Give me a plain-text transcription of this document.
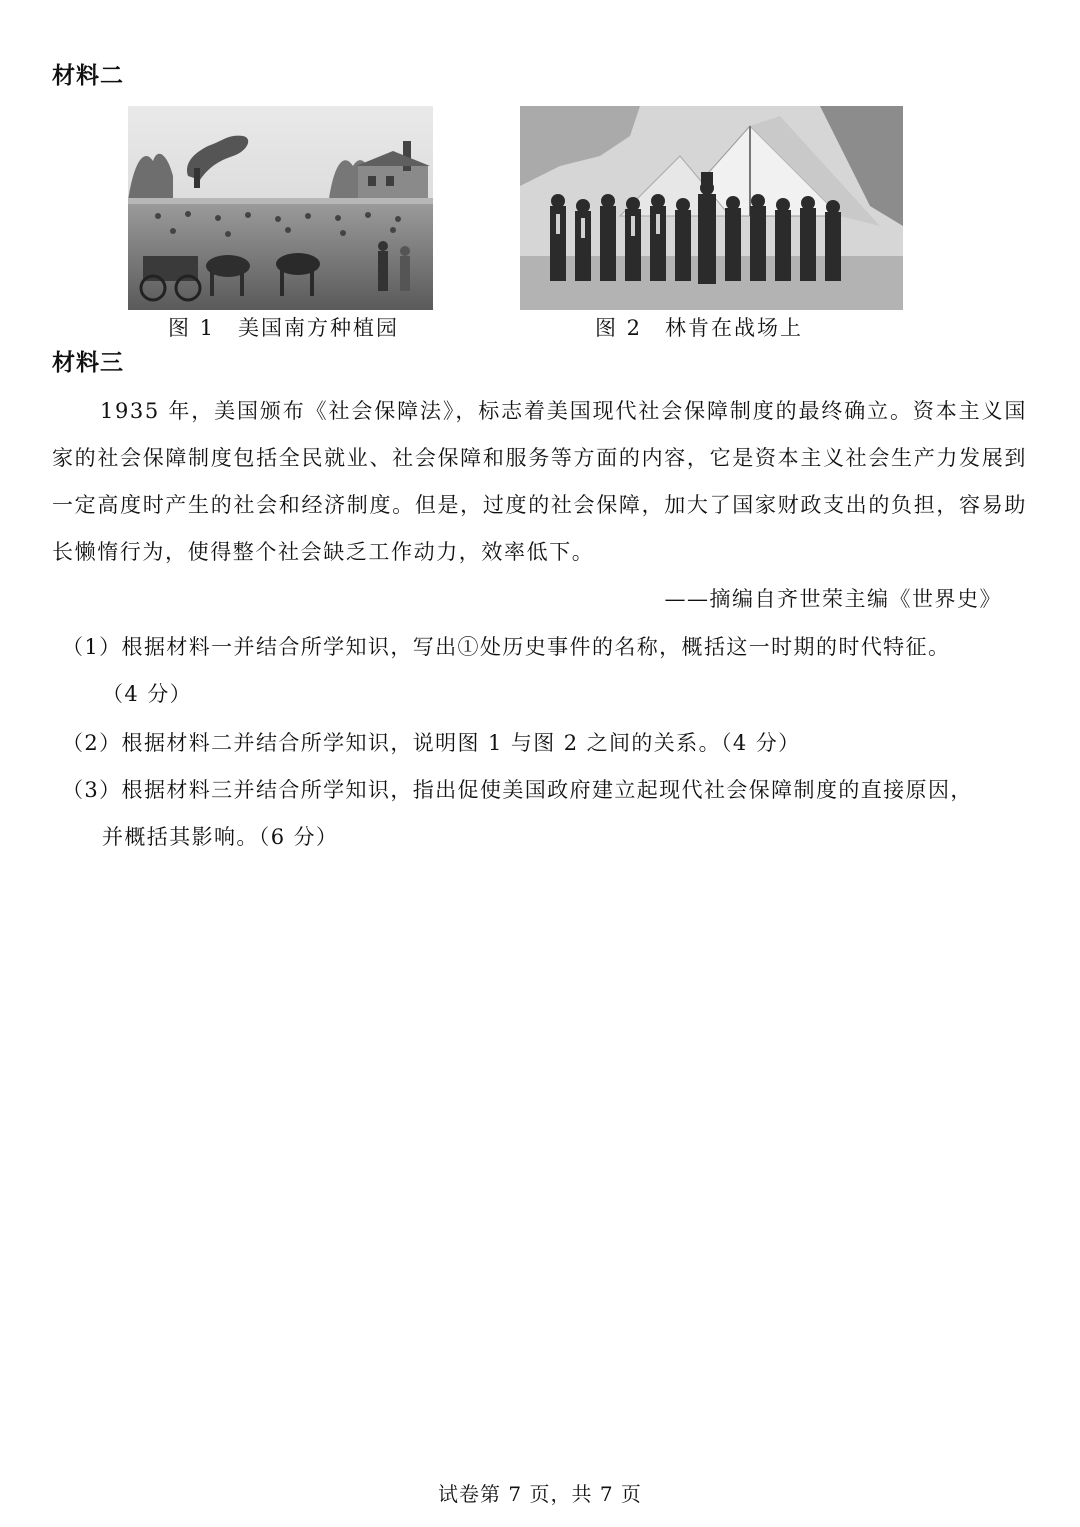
材料二
图 1　美国南方种植园	图 2　林肯在战场上
材料三

1935 年，美国颁布《社会保障法》，标志着美国现代社会保障制度的最终确立。资本主义国家的社会保障制度包括全民就业、社会保障和服务等方面的内容，它是资本主义社会生产力发展到一定高度时产生的社会和经济制度。但是，过度的社会保障，加大了国家财政支出的负担，容易助长懒惰行为，使得整个社会缺乏工作动力，效率低下。

——摘编自齐世荣主编《世界史》

（1）根据材料一并结合所学知识，写出①处历史事件的名称，概括这一时期的时代特征。
（4 分）

（2）根据材料二并结合所学知识，说明图 1 与图 2 之间的关系。（4 分）

（3）根据材料三并结合所学知识，指出促使美国政府建立起现代社会保障制度的直接原因，
并概括其影响。（6 分）

试卷第 7 页，共 7 页
